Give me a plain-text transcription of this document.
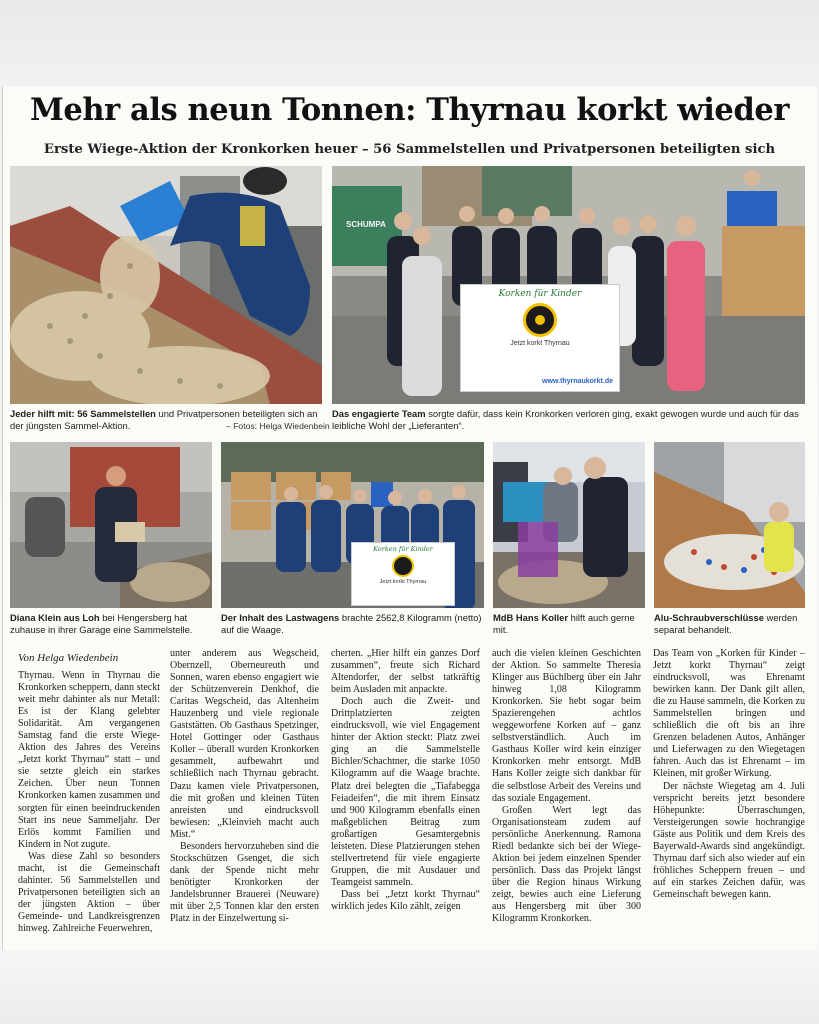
Mehr als neun Tonnen: Thyrnau korkt wieder
Erste Wiege-Aktion der Kronkorken heuer – 56 Sammelstellen und Privatpersonen beteiligten sich
Jeder hilft mit: 56 Sammelstellen und Privatpersonen beteiligten sich an der jüngsten Sammel-Aktion.	– Fotos: Helga Wiedenbein
SCHUMPA
Korken für Kinder
Jetzt korkt Thyrnau
www.thyrnaukorkt.de
Das engagierte Team sorgte dafür, dass kein Kronkorken verloren ging, exakt gewogen wurde und auch für das leibliche Wohl der „Lieferanten“.
Diana Klein aus Loh bei Hengersberg hat zuhause in ihrer Garage eine Sammelstelle.
Korken für Kinder
Jetzt korkt Thyrnau
Der Inhalt des Lastwagens brachte 2562,8 Kilogramm (netto) auf die Waage.
MdB Hans Koller hilft auch gerne mit.
Alu-Schraubverschlüsse werden separat behandelt.
Von Helga Wiedenbein

Thyrnau. Wenn in Thyrnau die Kronkorken scheppern, dann steckt weit mehr dahinter als nur Metall: Es ist der Klang gelebter Solidarität. Am vergangenen Samstag fand die erste Wiege-Aktion des Jahres des Vereins „Jetzt korkt Thyrnau“ statt – und sie setzte gleich ein starkes Zeichen. Über neun Tonnen Kronkorken kamen zusammen und sorgten für einen beeindruckenden Start ins neue Sammeljahr. Der Erlös kommt Familien und Kindern in Not zugute.

Was diese Zahl so besonders macht, ist die Gemeinschaft dahinter. 56 Sammelstellen und Privatpersonen beteiligten sich an der jüngsten Aktion – über Gemeinde- und Landkreisgrenzen hinweg. Zahlreiche Feuerwehren,

unter anderem aus Wegscheid, Obernzell, Oberneureuth und Sonnen, waren ebenso engagiert wie der Schützenverein Denkhof, die Caritas Wegscheid, das Altenheim Hauzenberg und viele regionale Gaststätten. Ob Gasthaus Spetzinger, Hotel Gottinger oder Gasthaus Koller – überall wurden Kronkorken gesammelt, aufbewahrt und schließlich nach Thyrnau gebracht. Dazu kamen viele Privatpersonen, die mit großen und kleinen Tüten anreisten und eindrucksvoll bewiesen: „Kleinvieh macht auch Mist.“

Besonders hervorzuheben sind die Stockschützen Gsenget, die sich dank der Spende nicht mehr benötigter Kronkorken der Jandelsbrunner Brauerei (Neuware) mit über 2,5 Tonnen klar den ersten Platz in der Einzelwertung si-

cherten. „Hier hilft ein ganzes Dorf zusammen“, freute sich Richard Altendorfer, der selbst tatkräftig beim Ausladen mit anpackte.

Doch auch die Zweit- und Drittplatzierten zeigten eindrucksvoll, wie viel Engagement hinter der Aktion steckt: Platz zwei ging an die Sammelstelle Bichler/Schachtner, die starke 1050 Kilogramm auf die Waage brachte. Platz drei belegten die „Tiafabegga Feiadeifen“, die mit ihrem Einsatz und 900 Kilogramm ebenfalls einen maßgeblichen Beitrag zum großartigen Gesamtergebnis leisteten. Diese Platzierungen stehen stellvertretend für viele engagierte Gruppen, die mit Ausdauer und Teamgeist sammeln.

Dass bei „Jetzt korkt Thyrnau“ wirklich jedes Kilo zählt, zeigen

auch die vielen kleinen Geschichten der Aktion. So sammelte Theresia Klinger aus Büchlberg über ein Jahr hinweg 1,08 Kilogramm Kronkorken. Sie hebt sogar beim Spazierengehen achtlos weggeworfene Korken auf – ganz selbstverständlich. Auch im Gasthaus Koller wird kein einziger Kronkorken mehr entsorgt. MdB Hans Koller zeigte sich dankbar für die selbstlose Arbeit des Vereins und das soziale Engagement.

Großen Wert legt das Organisationsteam zudem auf persönliche Anerkennung. Ramona Riedl bedankte sich bei der Wiege-Aktion bei jedem einzelnen Spender persönlich. Dass das Projekt längst über die Region hinaus Wirkung zeigt, bewies auch eine Lieferung aus Hengersberg mit über 300 Kilogramm Kronkorken.

Das Team von „Korken für Kinder – Jetzt korkt Thyrnau“ zeigt eindrucksvoll, was Ehrenamt bewirken kann. Der Dank gilt allen, die zu Hause sammeln, die Korken zu Sammelstellen bringen und schließlich die oft bis an ihre Grenzen beladenen Autos, Anhänger und Lieferwagen zu den Wiegetagen fahren. Auch das ist Ehrenamt – im Kleinen, mit großer Wirkung.

Der nächste Wiegetag am 4. Juli verspricht bereits jetzt besondere Höhepunkte: Überraschungen, Versteigerungen sowie hochrangige Gäste aus Politik und dem Kreis des Bayerwald-Awards sind angekündigt. Thyrnau darf sich also wieder auf ein fröhliches Scheppern freuen – und auf ein starkes Zeichen dafür, was Gemeinschaft bewegen kann.
